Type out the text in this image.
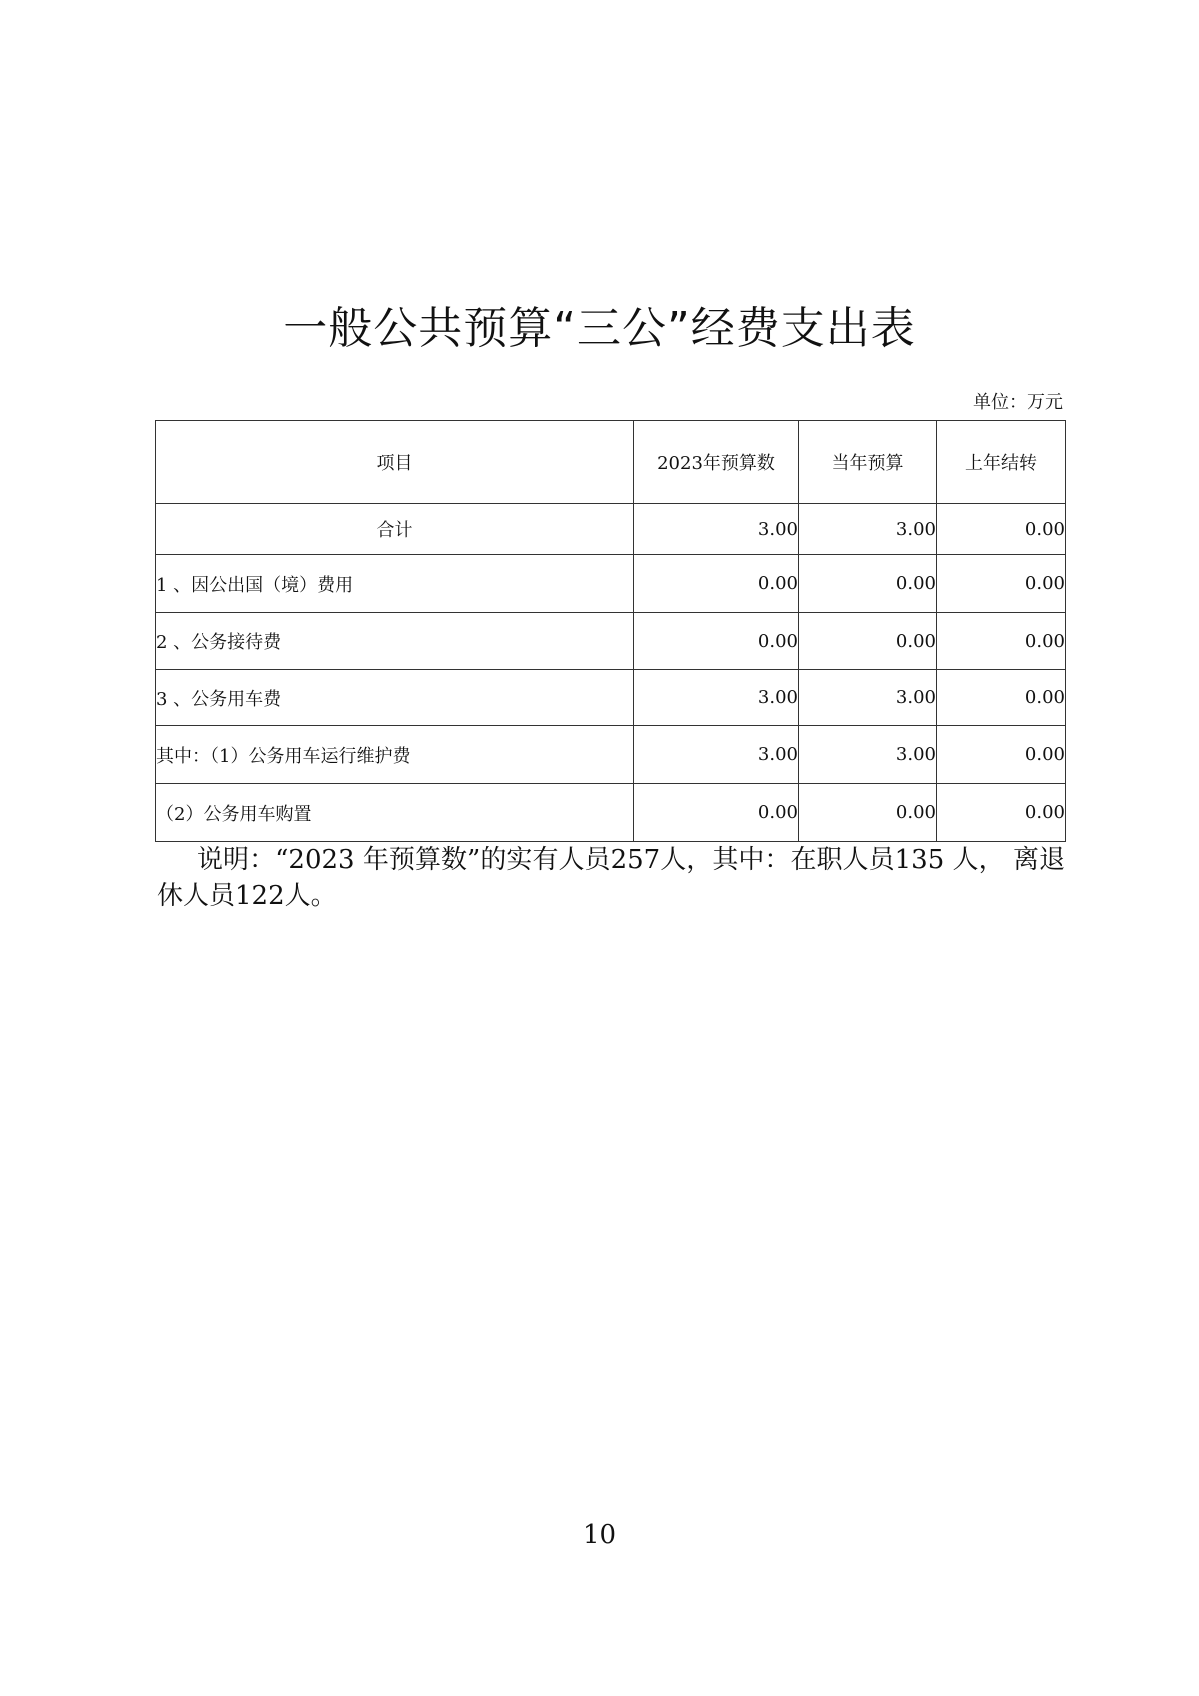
一般公共预算“三公”经费支出表
单位：万元
项目	2023年预算数	当年预算	上年结转
合计	3.00	3.00	0.00
1 、因公出国（境）费用	0.00	0.00	0.00
2 、公务接待费	0.00	0.00	0.00
3 、公务用车费	3.00	3.00	0.00
其中：（1）公务用车运行维护费	3.00	3.00	0.00
（2）公务用车购置	0.00	0.00	0.00
说明：“2023 年预算数”的实有人员257人，其中：在职人员135 人， 离退休人员122人。
10
